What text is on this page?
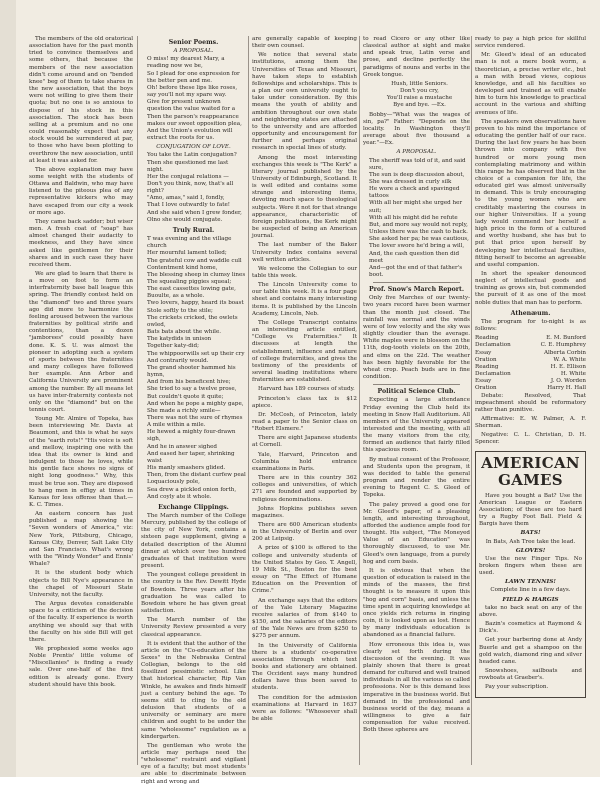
The members of the old oratorical association have for the past month tried to convince themselves and some others, that because the members of the new association didn't come around and on "bended knee" beg of them to take shares in the new association, that the boys were not willing to give them their quota; but no one is so anxious to dispose of his stock in this association. The stock has been selling at a premium and no one could reasonably expect that any stock would be surrendered at par, to those who have been plotting to overthrow the new association, until at least it was asked for.

The above explanation may have some weight with the students of Ottawa and Baldwin, who may have listened to the piteous plea of any representative kickers who may have escaped from our city a week or more ago.

They came back sadder; but wiser men. A fresh coat of "soap" has almost changed their audacity to meekness, and they have since asked like gentlemen for their shares and in such case they have received them.

We are glad to learn that there is a move on foot to form an interfraternity base ball league this spring. The friendly contest held on the "diamond" two and three years ago did more to harmonize the feeling aroused between the various fraternities by political strife and contentions, than a dozen "jamborees" could possibly have done. K. S. U. was almost the pioneer in adopting such a system of sports between the fraternities and many colleges have followed her example. Ann Arbor and California University are prominent among the number. By all means let us have inter-fraternity contests not only on the "diamond" but on the tennis court.

Young Mr. Almire of Topeka, has been interviewing Mr. Davis at Beaumont, and this is what he says of the "earth rots!" "His voice is soft and mellow, inspiring one with the idea that its owner is kind and indulgent to those he loves, while his gentle face shows no signs of night long goodness." Why, this must be true son. They are disposed to hang men in effigy at times in Kansas for less offense than that.—K. C. Times.

An eastern concern has just published a map showing the "Seven wonders of America," viz: New York, Pittsburg, Chicago, Kansas City, Denver, Salt Lake City and San Francisco. What's wrong with the "Windy Wonder" and Ennis' Whale?

It is the student body which objects to Bill Nye's appearance in the chapel of Missouri State University, not the faculty.

The Argus devotes considerable space to a criticism of the decision of the faculty. If experience is worth anything we should say that with the faculty on his side Bill will get there.

We prophesied some weeks ago Noble Prentis' little volume of "Miscellanies" is finding a ready sale. Over one-half of the first edition is already gone. Every student should have this book.

Senior Poems.
A PROPOSAL.
O miss! my dearest Mary, a reading now we be,
So I plead for one expression for the better pen and me.
Oh! before these lips like roses, say you'll not my spare way.
Give for present unknown question the value waited for a
Then the parson's reappearance makes our sweet opposition plea,
And the Union's evolution will extract the roots for us.
CONJUGATION OF LOVE.
You take the Latin conjugation?
Then she questioned me last night.
Her the conjugal relations —
Don't you think, now, that's all right?
"Amo, amas," said I, fondly,
That I love outwardly to fate!
And she said when I grew fonder,
Olno she would conjugate.
Truly Rural.
T was evening and the village church
Her mournful lament tolled;
The grateful cow and waddle cull
Contentment kind home,
The blessing sheep in clumsy lines
The squealing piggies squeal;
The east cassettes lowing gate,
Buoulte, as a whole.
Two lovers, happy, heard its boast
Stole softly to the stile;
The crickets cricked, the owlets owled,
Bats bats about the while.
The katydids in unison
Together katy-did;
The whippoorwills set up their cry
And contrarily would.
The grand shooter hammed his hymn,
And from his beneficent hive;
She tried to say a twelve prose,
But couldn't quote it quite;
And when he pope a mighty gape,
She made a richly smile—
There was not the sure of rhymes
A mile within a mile.
He hewed a mighty four-drawn sigh,
And he in answer sighed
And eased her taper, shrinking waist
His manly smashers glided.
Then, from the distant curfew peal
Loquaciously pole,
Sea drew a pickled onion forth,
And coyly ate it whole.
Exchange Clippings.

The March number of the College Mercury, published by the college of the city of New York, contains a sixteen page supplement, giving a detailed description of the Alumni dinner at which over two hundred graduates of that institution were present.

The youngest college president in the country is the Rev. Dewitt Hyde of Bowdoin. Three years after his graduation he was called to Bowdoin where he has given great satisfaction.

The March number of the University Review presented a very classical appearance.

It is evident that the author of the article on the "Co-education of the Sexes" in the Nebraska Central Collegian, belongs to the old fossilized pessimistic school. Like that historical character, Rip Van Winkle, he awakes and finds himself just a century behind the age. To seems still to cling to the old delusion that students of a university or seminary are mere children and ought to be under the same "wholesome" regulation as a kindergarten.

The gentleman who wrote the article may perhaps need the "wholesome" restraint and vigilant eye of a faculty; but most students are able to discriminate between right and wrong and

are generally capable of keeping their own counsel.

We notice that several state institutions, among them the Universities of Texas and Missouri, have taken steps to establish fellowships and scholarships. This is a plan our own university ought to take under consideration. By this means the youth of ability and ambition throughout our own state and neighboring states are attached to the university and are afforded opportunity and encouragement for further and perhaps original research in special lines of study.

Among the most interesting exchanges this week is "The Kerk" a literary journal published by the University of Edinburgh, Scotland. It is well edited and contains some strange and interesting items, devoting much space to theological subjects. Were it not for that strange appearance, characteristic of foreign publications, the Kerk might be suspected of being an American journal.

The last number of the Baker University Index contains several well written articles.

We welcome the Collegian to our table this week.

The Lincoln University come to our table this week. It is a four page sheet and contains many interesting items. It is published by the Lincoln Academy, Lincoln, Neb.

The College Transcript contains an interesting article entitled, "College vs Fraternities." It discusses at length the establishment, influence and nature of college fraternities, and gives the testimony of the presidents of several leading institutions where fraternities are established.

Harvard has 189 courses of study.

Princeton's class tax is $12 apiece.

Dr. McCosh, of Princeton, lately read a paper to the Senior class on "Robert Elsmere."

There are eight Japanese students at Cornell.

Yale, Harvard, Princeton and Columbia hold entrance examinations in Paris.

There are in this country 362 colleges and universities, of which 271 are founded and supported by religious denominations.

Johns Hopkins publishes seven magazines.

There are 600 American students in the University of Berlin and over 200 at Leipsig.

A prize of $100 is offered to the college and university students of the United States by Geo. T. Angell, 19 Milk St., Boston for the best essay on "The Effect of Humane Education on the Prevention of Crime."

An exchange says that the editors of the Yale Literary Magazine receive salaries of from $140 to $150, and the salaries of the editors of the Yale News are from $250 to $275 per annum.

In the University of California there is a students' co-operative association through which text books and stationery are obtained. The Occident says many hundred dollars have thus been saved to students.

The condition for the admission examinations at Harvard in 1637 were as follows: "Whosoever shall be able

to read Cicero or any other like classical author at sight and make and speak true, Latin verse and prose, and decline perfectly the paradigms of nouns and verbs in the Greek tongue.

Hush, little Seniors.
Don't you cry,
You'll raise a mustache
Bye and bye. —Ex.

Bobby—"What was the wages of sin, pa?" Father: "Depends on the locality. In Washington they'll average about five thousand a year."—Ex.

A PROPOSAL.
The sheriff was told of it, and said sure,
The sun is deep discussion about,
She was dressed in curly silk
He wore a check and spavinged tattoos
With all her might she urged her suit;
With all his might did he refute
But, and more say would not reply,
Unless there was the cash to back.
She asked her pa; he was cautious,
The lover swore he'd bring a will,
And, the cash question then did meet
And—got the end of that father's boot.
Prof. Snow's March Report.

Only five Marches of our twenty-two years record have been warmer than the month just closed. The rainfall was normal and the winds were of low velocity and the sky was slightly cloudier than the average. White maples were in blossom on the 11th, dog-tooth violets on the 20th, and elms on the 22d. The weather has been highly favorable for the wheat crop. Peach buds are in fine condition.

Political Science Club.

Expecting a large attendance Friday evening the Club held its meeting in Snow Hall Auditorium. All members of the University appeared interested and the meeting, with all the many visitors from the city, formed an audience that fairly filled this spacious room.

By mutual consent of the Professor, and Students upon the program, it was decided to table the general program and render the entire evening to Regent C. S. Gleed of Topeka.

The paley proved a good one for Mr. Gleed's paper, of a pleasing length, and interesting throughout, afforded the audience ample food for thought. His subject, "The Moneyed Value of an Education" was thoroughly discussed, to use Mr. Gleed's own language, from a purely hog and corn basis.

It is obvious that when the question of education is raised in the minds of the masses, the first thought is to measure it upon this "hog and corn" basis, and unless the time spent in acquiring knowledge at once yields rich returns in ringing coin, it is looked upon as lost. Hence by many individuals education is abandoned as a financial failure.

How erroneous this idea is, was clearly set forth during the discussion of the evening. It was plainly shown that there is great demand for cultured and well trained individuals in all the various so called professions. Nor is this demand less imperative in the business world. But demand in the professional and business world of the day, means a willingness to give a fair compensation for value received. Both these spheres are

ready to pay a high price for skillful service rendered.

Mr. Gleed's ideal of an educated man is not a mere book worm, a theoretician, a precise writer etc., but a man with broad views, copious knowledge, and all his faculties so developed and trained as will enable him to turn his knowledge to practical account in the various and shifting avenues of life.

The speakers own observations have proven to his mind the importance of educating the gentler half of our race. During the last few years he has been thrown into company with five hundred or more young men contemplating matrimony and within this range he has observed that in the choice of a companion for life, the educated girl was almost universally in demand. This is truly encouraging to the young women who are creditably mastering the courses in our higher Universities. If a young lady would commend her herself a high price in the form of a cultured and worthy husband, she has but to put that price upon herself by developing her intellectual faculties, fitting herself to become an agreeable and useful companion.

In short the speaker denounced neglect of intellectual goods and training as grows sin, but commended the pursuit of it as one of the most noble duties that man has to perform.

Athenæum.

The program for to-night is as follows:

Reading	E. M. Bunford
Declamation	C. E. Humphrey
Essay	Alberta Corbin
Oration	W. A. White
Reading	H. E. Ellison
Declamation	H. White
Essay	J. O. Worden
Oration	Harry H. Hall

Debate: Resolved, That impeachment should be reformatory rather than punitive.

Affirmative: E. W. Palmer, A. F. Sherman.

Negative: C. L. Christian, D. H. Spencer.

AMERICAN GAMES

Have you bought a Bat? Use the American League or Eastern Association; of these are too hard try a Rugby Foot Ball. Field & Bargis have them

BATS!

In Bats, Ash Tree take the lead.

GLOVES!

Use the new Finger Tips. No broken fingers when these are used.

LAWN TENNIS!

Complete line in a few days.

FIELD & HARGIS

take no back seat on any of the above.

Bazin's cosmetics at Raymond & Dick's.

Get your barbering done at Andy Buerle and get a shampoo on the gold watch, diamond ring and silver headed cane.

Snowshoes, sailboats and rowboats at Graeber's.

Pay your subscription.
